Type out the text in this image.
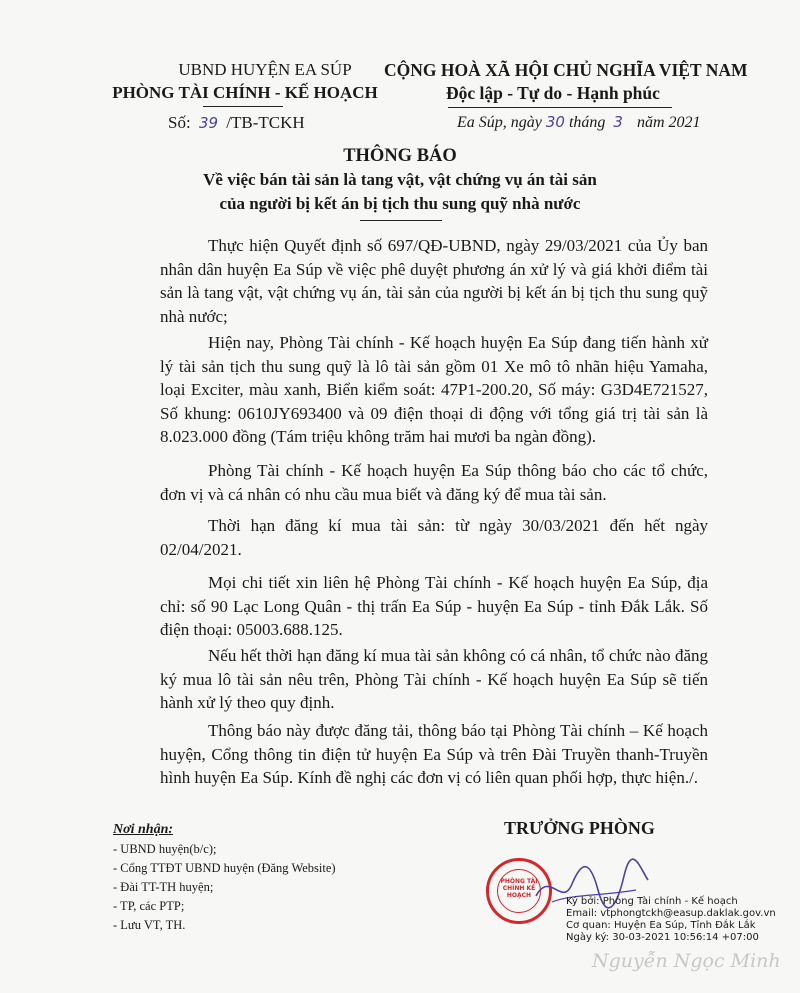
UBND HUYỆN EA SÚP
PHÒNG TÀI CHÍNH - KẾ HOẠCH
Số: 39 /TB-TCKH
CỘNG HOÀ XÃ HỘI CHỦ NGHĨA VIỆT NAM
Độc lập - Tự do - Hạnh phúc
Ea Súp, ngày 30 tháng 3 năm 2021
THÔNG BÁO
Về việc bán tài sản là tang vật, vật chứng vụ án tài sản
của người bị kết án bị tịch thu sung quỹ nhà nước

Thực hiện Quyết định số 697/QĐ-UBND, ngày 29/03/2021 của Ủy ban nhân dân huyện Ea Súp về việc phê duyệt phương án xử lý và giá khởi điểm tài sản là tang vật, vật chứng vụ án, tài sản của người bị kết án bị tịch thu sung quỹ nhà nước;

Hiện nay, Phòng Tài chính - Kế hoạch huyện Ea Súp đang tiến hành xử lý tài sản tịch thu sung quỹ là lô tài sản gồm 01 Xe mô tô nhãn hiệu Yamaha, loại Exciter, màu xanh, Biển kiểm soát: 47P1-200.20, Số máy: G3D4E721527, Số khung: 0610JY693400 và 09 điện thoại di động với tổng giá trị tài sản là 8.023.000 đồng (Tám triệu không trăm hai mươi ba ngàn đồng).

Phòng Tài chính - Kế hoạch huyện Ea Súp thông báo cho các tổ chức, đơn vị và cá nhân có nhu cầu mua biết và đăng ký để mua tài sản.

Thời hạn đăng kí mua tài sản: từ ngày 30/03/2021 đến hết ngày 02/04/2021.

Mọi chi tiết xin liên hệ Phòng Tài chính - Kế hoạch huyện Ea Súp, địa chỉ: số 90 Lạc Long Quân - thị trấn Ea Súp - huyện Ea Súp - tỉnh Đắk Lắk. Số điện thoại: 05003.688.125.

Nếu hết thời hạn đăng kí mua tài sản không có cá nhân, tổ chức nào đăng ký mua lô tài sản nêu trên, Phòng Tài chính - Kế hoạch huyện Ea Súp sẽ tiến hành xử lý theo quy định.

Thông báo này được đăng tải, thông báo tại Phòng Tài chính – Kế hoạch huyện, Cổng thông tin điện tử huyện Ea Súp và trên Đài Truyền thanh-Truyền hình huyện Ea Súp. Kính đề nghị các đơn vị có liên quan phối hợp, thực hiện./.

Nơi nhận:
- UBND huyện(b/c);
- Cổng TTĐT UBND huyện (Đăng Website)
- Đài TT-TH huyện;
- TP, các PTP;
- Lưu VT, TH.
TRƯỞNG PHÒNG
PHÒNG TÀI CHÍNH KẾ HOẠCH
Ký bởi: Phòng Tài chính - Kế hoạch
Email: vtphongtckh@easup.daklak.gov.vn
Cơ quan: Huyện Ea Súp, Tỉnh Đắk Lắk
Ngày ký: 30-03-2021 10:56:14 +07:00
Nguyễn Ngọc Minh
